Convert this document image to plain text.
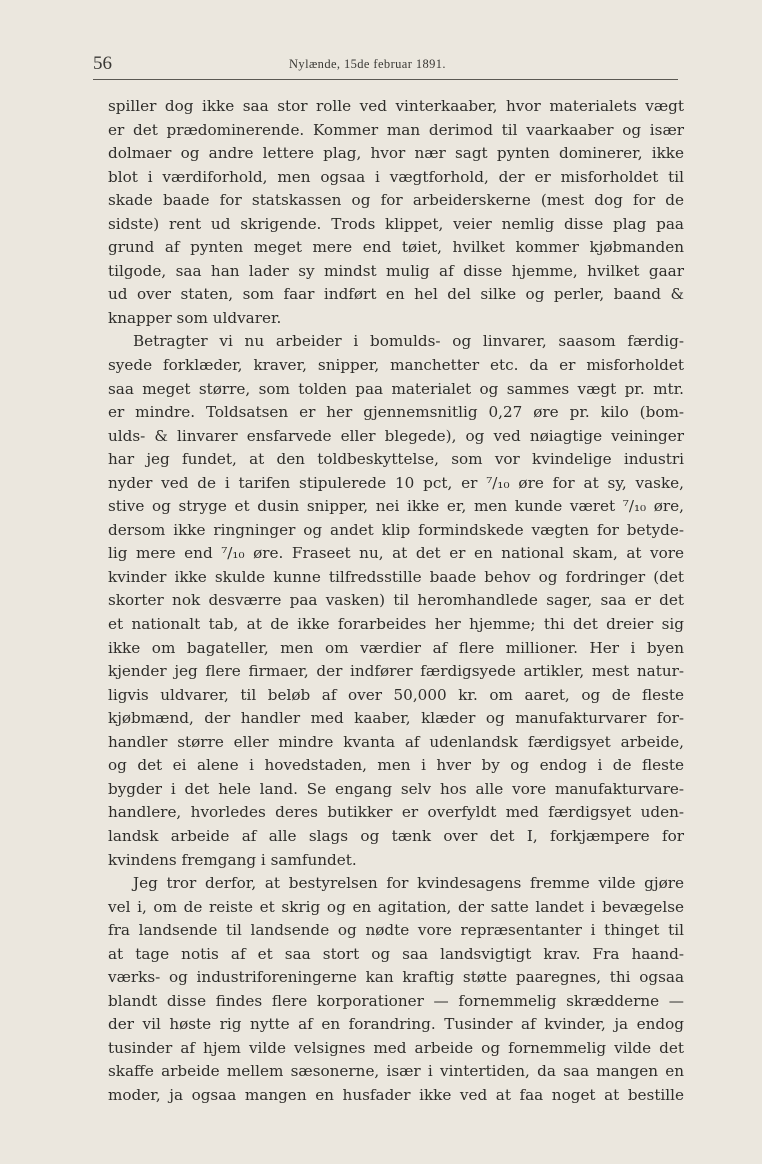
56	Nylænde, 15de februar 1891.
spiller dog ikke saa stor rolle ved vinterkaaber, hvor materialets vægt
er det prædominerende. Kommer man derimod til vaarkaaber og især
dolmaer og andre lettere plag, hvor nær sagt pynten dominerer, ikke
blot i værdiforhold, men ogsaa i vægtforhold, der er misforholdet til
skade baade for statskassen og for arbeiderskerne (mest dog for de
sidste) rent ud skrigende. Trods klippet, veier nemlig disse plag paa
grund af pynten meget mere end tøiet, hvilket kommer kjøbmanden
tilgode, saa han lader sy mindst mulig af disse hjemme, hvilket gaar
ud over staten, som faar indført en hel del silke og perler, baand &
knapper som uldvarer.
Betragter vi nu arbeider i bomulds- og linvarer, saasom færdig-
syede forklæder, kraver, snipper, manchetter etc. da er misforholdet
saa meget større, som tolden paa materialet og sammes vægt pr. mtr.
er mindre. Toldsatsen er her gjennemsnitlig 0,27 øre pr. kilo (bom-
ulds- & linvarer ensfarvede eller blegede), og ved nøiagtige veininger
har jeg fundet, at den toldbeskyttelse, som vor kvindelige industri
nyder ved de i tarifen stipulerede 10 pct, er ⁷/₁₀ øre for at sy, vaske,
stive og stryge et dusin snipper, nei ikke er, men kunde været ⁷/₁₀ øre,
dersom ikke ringninger og andet klip formindskede vægten for betyde-
lig mere end ⁷/₁₀ øre. Fraseet nu, at det er en national skam, at vore
kvinder ikke skulde kunne tilfredsstille baade behov og fordringer (det
skorter nok desværre paa vasken) til heromhandlede sager, saa er det
et nationalt tab, at de ikke forarbeides her hjemme; thi det dreier sig
ikke om bagateller, men om værdier af flere millioner. Her i byen
kjender jeg flere firmaer, der indfører færdigsyede artikler, mest natur-
ligvis uldvarer, til beløb af over 50,000 kr. om aaret, og de fleste
kjøbmænd, der handler med kaaber, klæder og manufakturvarer for-
handler større eller mindre kvanta af udenlandsk færdigsyet arbeide,
og det ei alene i hovedstaden, men i hver by og endog i de fleste
bygder i det hele land. Se engang selv hos alle vore manufakturvare-
handlere, hvorledes deres butikker er overfyldt med færdigsyet uden-
landsk arbeide af alle slags og tænk over det I, forkjæmpere for
kvindens fremgang i samfundet.
Jeg tror derfor, at bestyrelsen for kvindesagens fremme vilde gjøre
vel i, om de reiste et skrig og en agitation, der satte landet i bevægelse
fra landsende til landsende og nødte vore repræsentanter i thinget til
at tage notis af et saa stort og saa landsvigtigt krav. Fra haand-
værks- og industriforeningerne kan kraftig støtte paaregnes, thi ogsaa
blandt disse findes flere korporationer — fornemmelig skrædderne —
der vil høste rig nytte af en forandring. Tusinder af kvinder, ja endog
tusinder af hjem vilde velsignes med arbeide og fornemmelig vilde det
skaffe arbeide mellem sæsonerne, især i vintertiden, da saa mangen en
moder, ja ogsaa mangen en husfader ikke ved at faa noget at bestille
